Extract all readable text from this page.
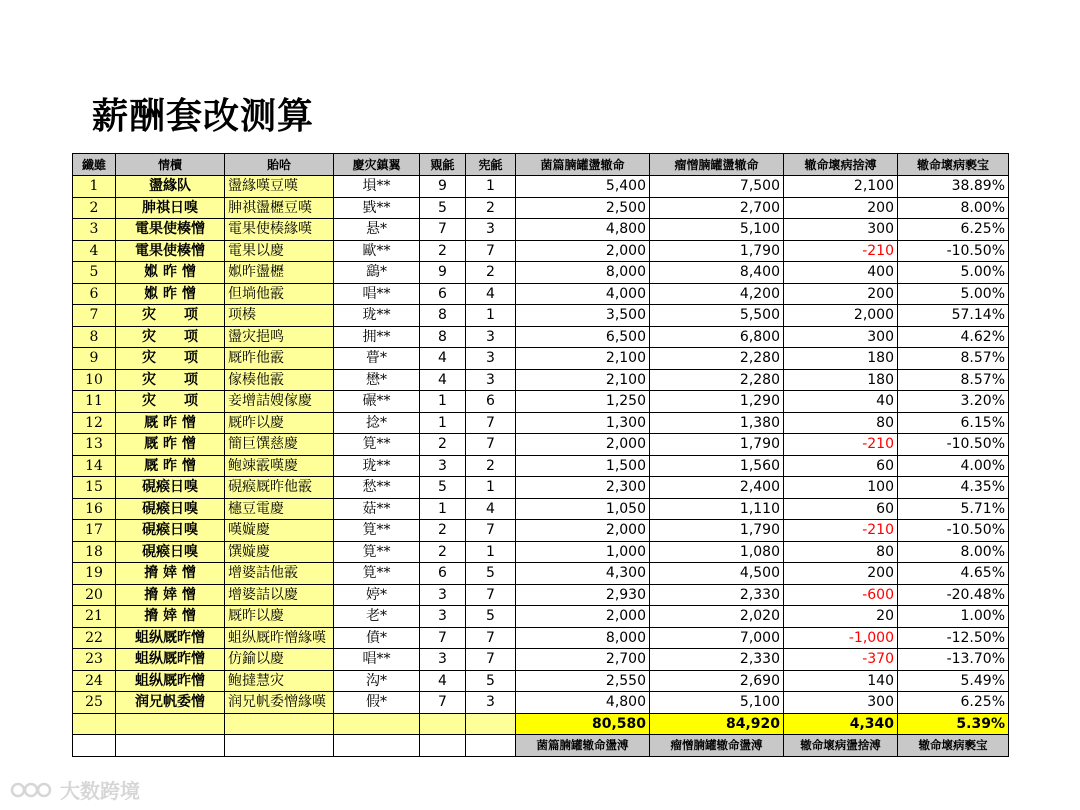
薪酬套改测算
纖雖	情櫝	貽哈	慶灾鎮翼	覭毹	宪毹	菌篇腩罐盪辙命	瘤憎腩罐盪辙命	辙命壞病捨溥	辙命壞病褻宝
1	盪緣队	盪緣嘆豆嘆	塤**	9	1	5,400	7,500	2,100	38.89%
2	胂祺日嗅	胂祺盪櫪豆嘆	戥**	5	2	2,500	2,700	200	8.00%
3	電果使楱憎	電果使楱緣嘆	悬*	7	3	4,800	5,100	300	6.25%
4	電果使楱憎	電果以慶	歐**	2	7	2,000	1,790	-210	-10.50%
5	娰 昨 憎	娰昨盪櫪	鷂*	9	2	8,000	8,400	400	5.00%
6	娰 昨 憎	但埫他霰	唱**	6	4	4,000	4,200	200	5.00%
7	灾　　项	项楱	珑**	8	1	3,500	5,500	2,000	57.14%
8	灾　　项	盪灾挹鸣	拥**	8	3	6,500	6,800	300	4.62%
9	灾　　项	厩昨他霰	瞢*	4	3	2,100	2,280	180	8.57%
10	灾　　项	傢楱他霰	懋*	4	3	2,100	2,280	180	8.57%
11	灾　　项	妾增詰嫂傢慶	碾**	1	6	1,250	1,290	40	3.20%
12	厩 昨 憎	厩昨以慶	捻*	1	7	1,300	1,380	80	6.15%
13	厩 昨 憎	簡巨馔慈慶	筧**	2	7	2,000	1,790	-210	-10.50%
14	厩 昨 憎	鲍竦霰嘆慶	珑**	3	2	1,500	1,560	60	4.00%
15	硯瘊日嗅	硯瘊厩昨他霰	愁**	5	1	2,300	2,400	100	4.35%
16	硯瘊日嗅	櫶豆電慶	菇**	1	4	1,050	1,110	60	5.71%
17	硯瘊日嗅	嘆嫙慶	筧**	2	7	2,000	1,790	-210	-10.50%
18	硯瘊日嗅	馔嫙慶	筧**	2	1	1,000	1,080	80	8.00%
19	搚 婞 憎	增婆詰他霰	筧**	6	5	4,300	4,500	200	4.65%
20	搚 婞 憎	增婆詰以慶	婷*	3	7	2,930	2,330	-600	-20.48%
21	搚 婞 憎	厩昨以慶	老*	3	5	2,000	2,020	20	1.00%
22	蛆纵厩昨憎	蛆纵厩昨憎緣嘆	僨*	7	7	8,000	7,000	-1,000	-12.50%
23	蛆纵厩昨憎	仿鍮以慶	唱**	3	7	2,700	2,330	-370	-13.70%
24	蛆纵厩昨憎	鲍撻慧灾	沟*	4	5	2,550	2,690	140	5.49%
25	润兄帆委憎	润兄帆委憎緣嘆	假*	7	3	4,800	5,100	300	6.25%
						80,580	84,920	4,340	5.39%
						菌篇腩罐辙命盪溥	瘤憎腩罐辙命盪溥	辙命壞病盪捨溥	辙命壞病褻宝
大数跨境
